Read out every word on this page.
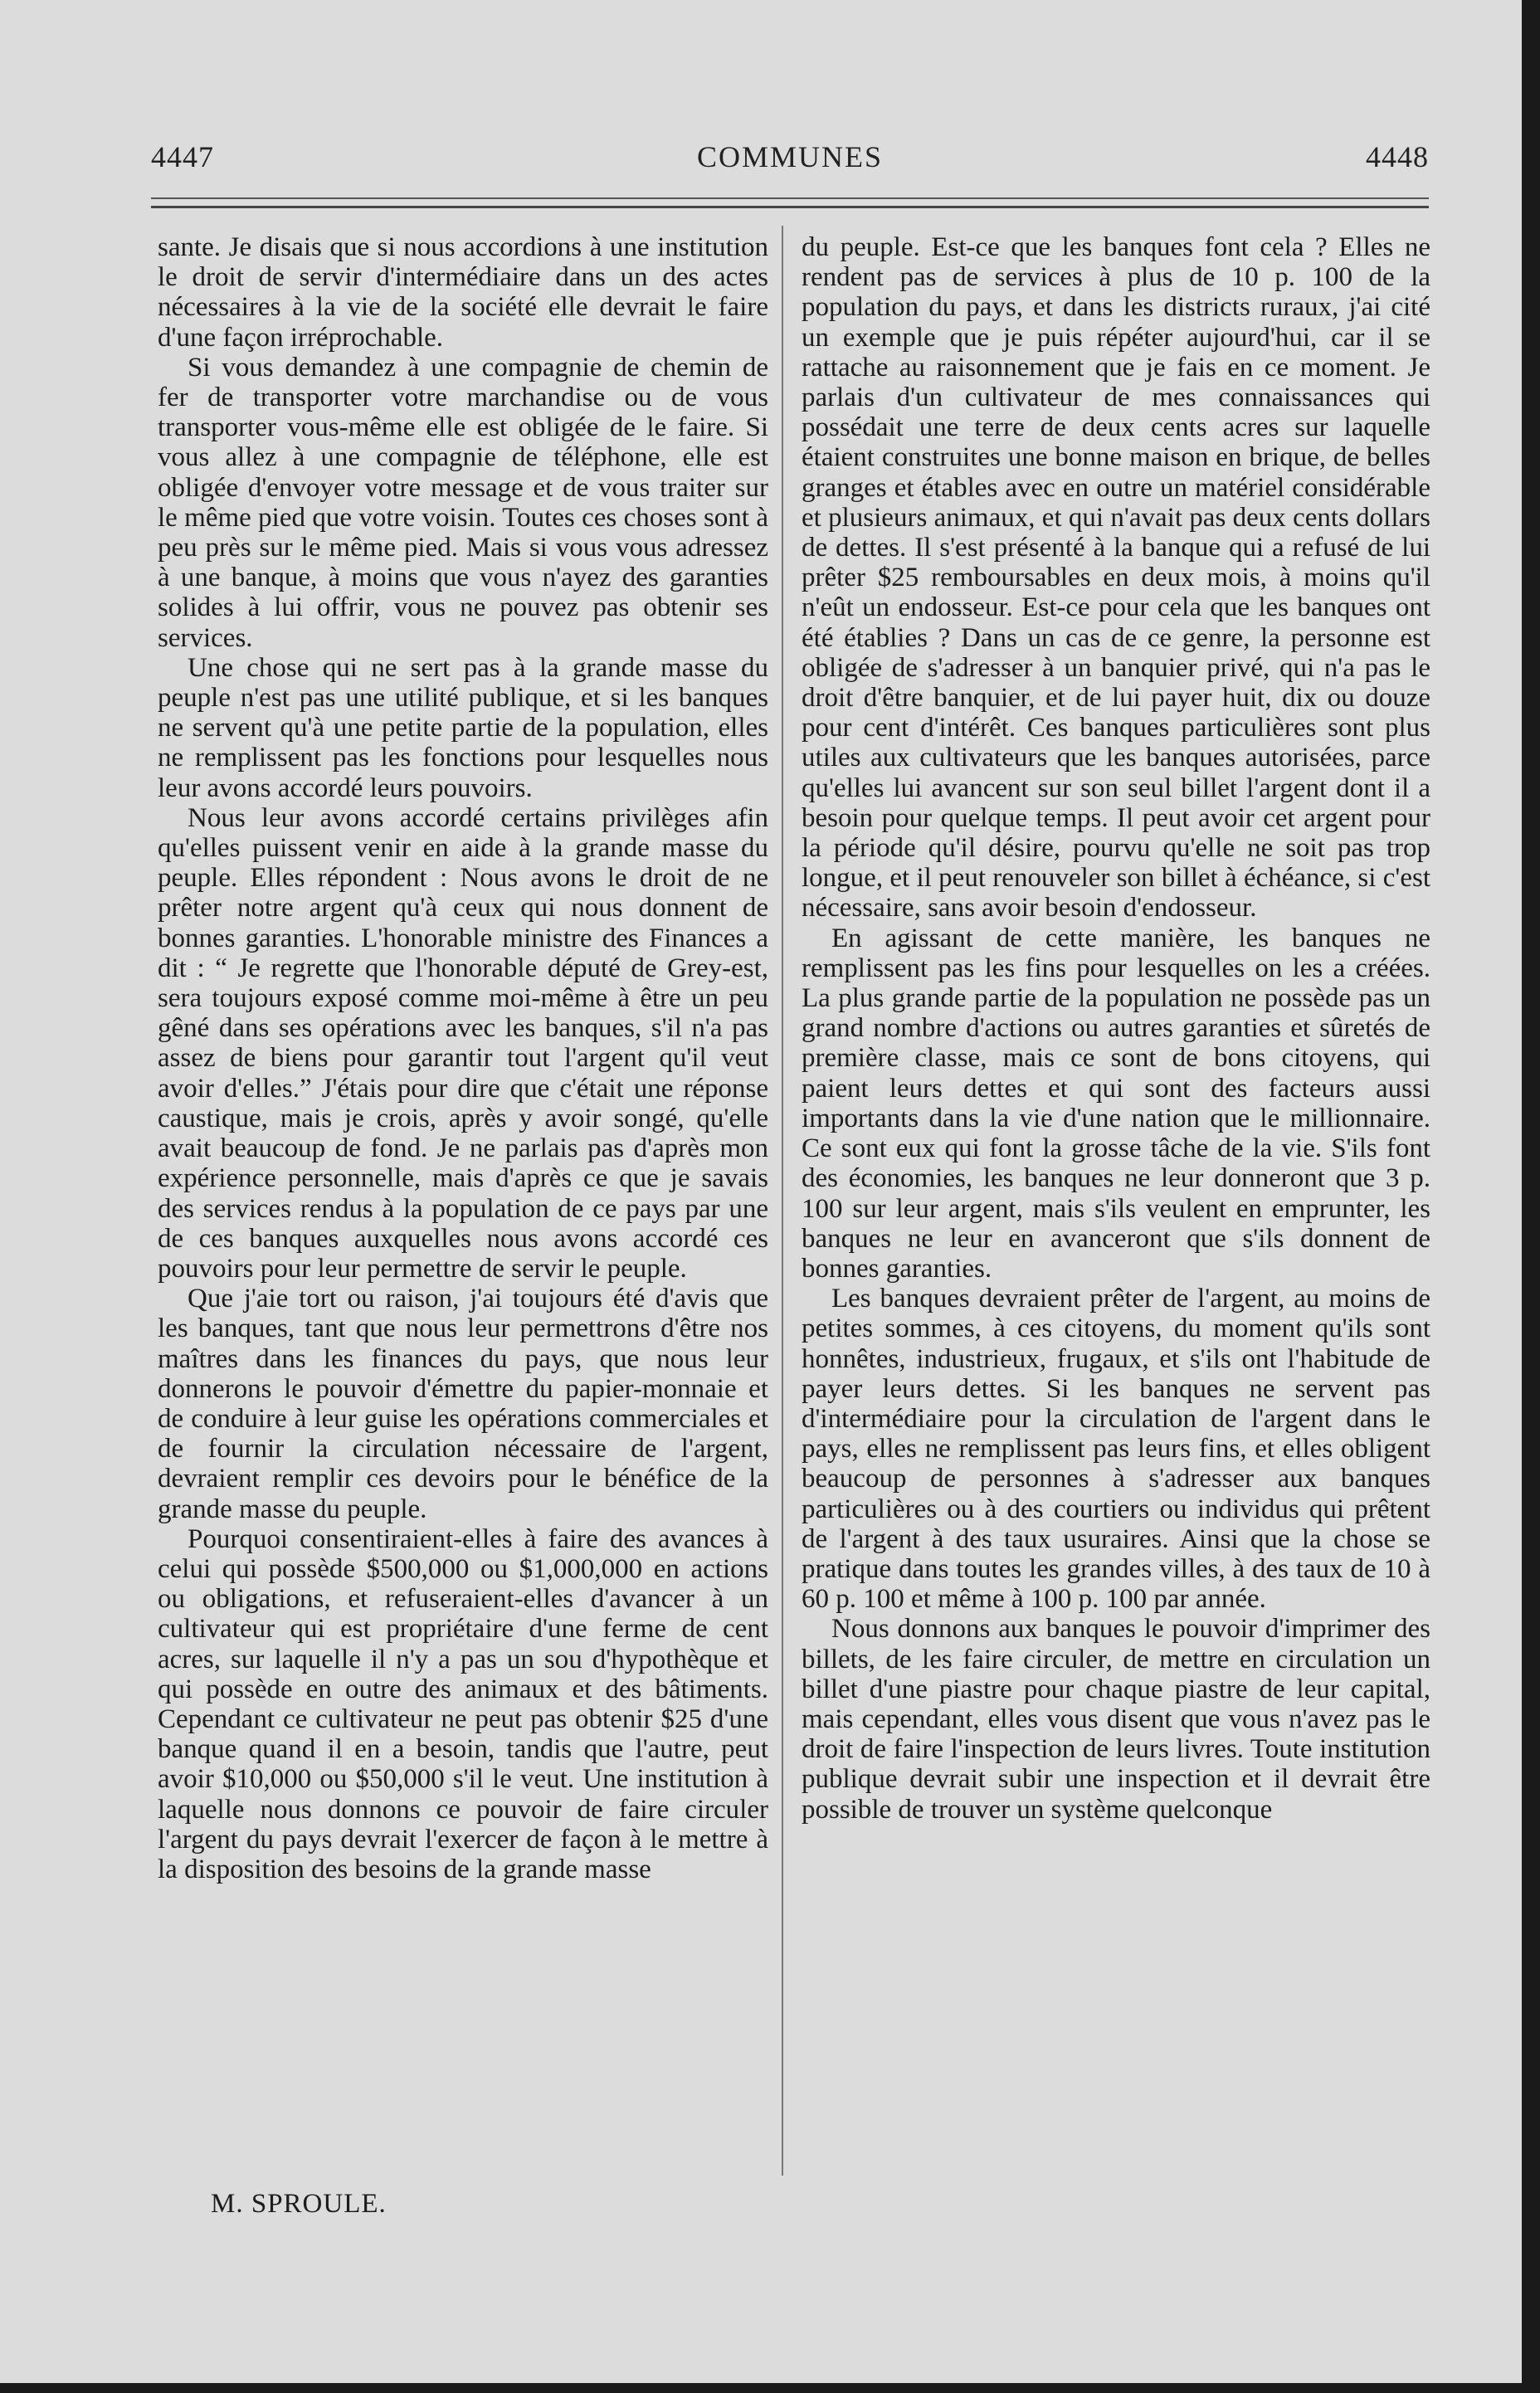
4447	COMMUNES	4448

sante. Je disais que si nous accordions à une institution le droit de servir d'intermédiaire dans un des actes nécessaires à la vie de la société elle devrait le faire d'une façon irréprochable.

Si vous demandez à une compagnie de chemin de fer de transporter votre marchandise ou de vous transporter vous-même elle est obligée de le faire. Si vous allez à une compagnie de téléphone, elle est obligée d'envoyer votre message et de vous traiter sur le même pied que votre voisin. Toutes ces choses sont à peu près sur le même pied. Mais si vous vous adressez à une banque, à moins que vous n'ayez des garanties solides à lui offrir, vous ne pouvez pas obtenir ses services.

Une chose qui ne sert pas à la grande masse du peuple n'est pas une utilité publique, et si les banques ne servent qu'à une petite partie de la population, elles ne remplissent pas les fonctions pour lesquelles nous leur avons accordé leurs pouvoirs.

Nous leur avons accordé certains privilèges afin qu'elles puissent venir en aide à la grande masse du peuple. Elles répondent : Nous avons le droit de ne prêter notre argent qu'à ceux qui nous donnent de bonnes garanties. L'honorable ministre des Finances a dit : “ Je regrette que l'honorable député de Grey-est, sera toujours exposé comme moi-même à être un peu gêné dans ses opérations avec les banques, s'il n'a pas assez de biens pour garantir tout l'argent qu'il veut avoir d'elles.” J'étais pour dire que c'était une réponse caustique, mais je crois, après y avoir songé, qu'elle avait beaucoup de fond. Je ne parlais pas d'après mon expérience personnelle, mais d'après ce que je savais des services rendus à la population de ce pays par une de ces banques auxquelles nous avons accordé ces pouvoirs pour leur permettre de servir le peuple.

Que j'aie tort ou raison, j'ai toujours été d'avis que les banques, tant que nous leur permettrons d'être nos maîtres dans les finances du pays, que nous leur donnerons le pouvoir d'émettre du papier-monnaie et de conduire à leur guise les opérations commerciales et de fournir la circulation nécessaire de l'argent, devraient remplir ces devoirs pour le bénéfice de la grande masse du peuple.

Pourquoi consentiraient-elles à faire des avances à celui qui possède $500,000 ou $1,000,000 en actions ou obligations, et refuseraient-elles d'avancer à un cultivateur qui est propriétaire d'une ferme de cent acres, sur laquelle il n'y a pas un sou d'hypothèque et qui possède en outre des animaux et des bâtiments. Cependant ce cultivateur ne peut pas obtenir $25 d'une banque quand il en a besoin, tandis que l'autre, peut avoir $10,000 ou $50,000 s'il le veut. Une institution à laquelle nous donnons ce pouvoir de faire circuler l'argent du pays devrait l'exercer de façon à le mettre à la disposition des besoins de la grande masse

du peuple. Est-ce que les banques font cela ? Elles ne rendent pas de services à plus de 10 p. 100 de la population du pays, et dans les districts ruraux, j'ai cité un exemple que je puis répéter aujourd'hui, car il se rattache au raisonnement que je fais en ce moment. Je parlais d'un cultivateur de mes connaissances qui possédait une terre de deux cents acres sur laquelle étaient construites une bonne maison en brique, de belles granges et étables avec en outre un matériel considérable et plusieurs animaux, et qui n'avait pas deux cents dollars de dettes. Il s'est présenté à la banque qui a refusé de lui prêter $25 remboursables en deux mois, à moins qu'il n'eût un endosseur. Est-ce pour cela que les banques ont été établies ? Dans un cas de ce genre, la personne est obligée de s'adresser à un banquier privé, qui n'a pas le droit d'être banquier, et de lui payer huit, dix ou douze pour cent d'intérêt. Ces banques particulières sont plus utiles aux cultivateurs que les banques autorisées, parce qu'elles lui avancent sur son seul billet l'argent dont il a besoin pour quelque temps. Il peut avoir cet argent pour la période qu'il désire, pourvu qu'elle ne soit pas trop longue, et il peut renouveler son billet à échéance, si c'est nécessaire, sans avoir besoin d'endosseur.

En agissant de cette manière, les banques ne remplissent pas les fins pour lesquelles on les a créées. La plus grande partie de la population ne possède pas un grand nombre d'actions ou autres garanties et sûretés de première classe, mais ce sont de bons citoyens, qui paient leurs dettes et qui sont des facteurs aussi importants dans la vie d'une nation que le millionnaire. Ce sont eux qui font la grosse tâche de la vie. S'ils font des économies, les banques ne leur donneront que 3 p. 100 sur leur argent, mais s'ils veulent en emprunter, les banques ne leur en avanceront que s'ils donnent de bonnes garanties.

Les banques devraient prêter de l'argent, au moins de petites sommes, à ces citoyens, du moment qu'ils sont honnêtes, industrieux, frugaux, et s'ils ont l'habitude de payer leurs dettes. Si les banques ne servent pas d'intermédiaire pour la circulation de l'argent dans le pays, elles ne remplissent pas leurs fins, et elles obligent beaucoup de personnes à s'adresser aux banques particulières ou à des courtiers ou individus qui prêtent de l'argent à des taux usuraires. Ainsi que la chose se pratique dans toutes les grandes villes, à des taux de 10 à 60 p. 100 et même à 100 p. 100 par année.

Nous donnons aux banques le pouvoir d'imprimer des billets, de les faire circuler, de mettre en circulation un billet d'une piastre pour chaque piastre de leur capital, mais cependant, elles vous disent que vous n'avez pas le droit de faire l'inspection de leurs livres. Toute institution publique devrait subir une inspection et il devrait être possible de trouver un système quelconque

M. SPROULE.
